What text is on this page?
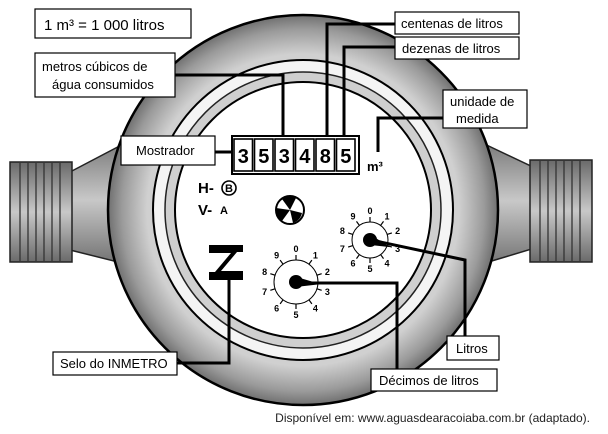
3 5 3 4 8 5 m³
H- B
V- A	0
1
2
3
4
5
6
7
8
9
0
1
2
3
4
5
6
7
8
9
1 m³ = 1 000 litros
metros cúbicos de
água consumidos
Mostrador
centenas de litros
dezenas de litros
unidade de
medida
Selo do INMETRO
Litros
Décimos de litros
Disponível em: www.aguasdearacoiaba.com.br (adaptado).
